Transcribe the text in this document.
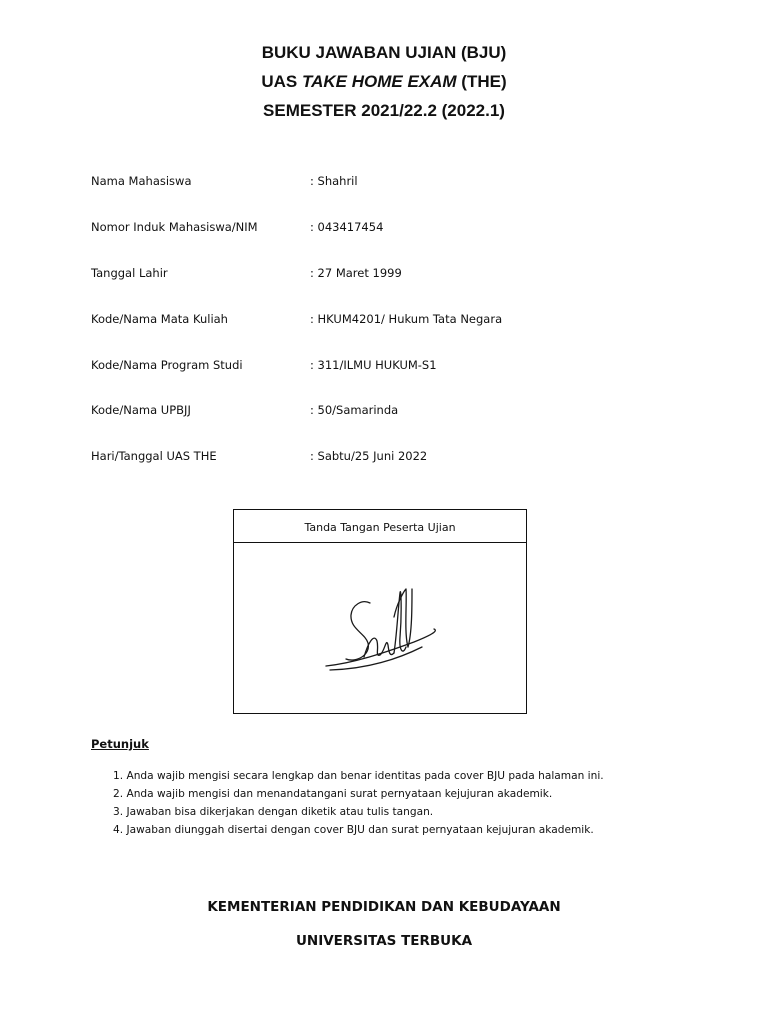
BUKU JAWABAN UJIAN (BJU)
UAS TAKE HOME EXAM (THE)
SEMESTER 2021/22.2 (2022.1)
Nama Mahasiswa	: Shahril
Nomor Induk Mahasiswa/NIM	: 043417454
Tanggal Lahir	: 27 Maret 1999
Kode/Nama Mata Kuliah	: HKUM4201/ Hukum Tata Negara
Kode/Nama Program Studi	: 311/ILMU HUKUM-S1
Kode/Nama UPBJJ	: 50/Samarinda
Hari/Tanggal UAS THE	: Sabtu/25 Juni 2022
Tanda Tangan Peserta Ujian
Petunjuk
1. Anda wajib mengisi secara lengkap dan benar identitas pada cover BJU pada halaman ini.
2. Anda wajib mengisi dan menandatangani surat pernyataan kejujuran akademik.
3. Jawaban bisa dikerjakan dengan diketik atau tulis tangan.
4. Jawaban diunggah disertai dengan cover BJU dan surat pernyataan kejujuran akademik.
KEMENTERIAN PENDIDIKAN DAN KEBUDAYAAN
UNIVERSITAS TERBUKA
